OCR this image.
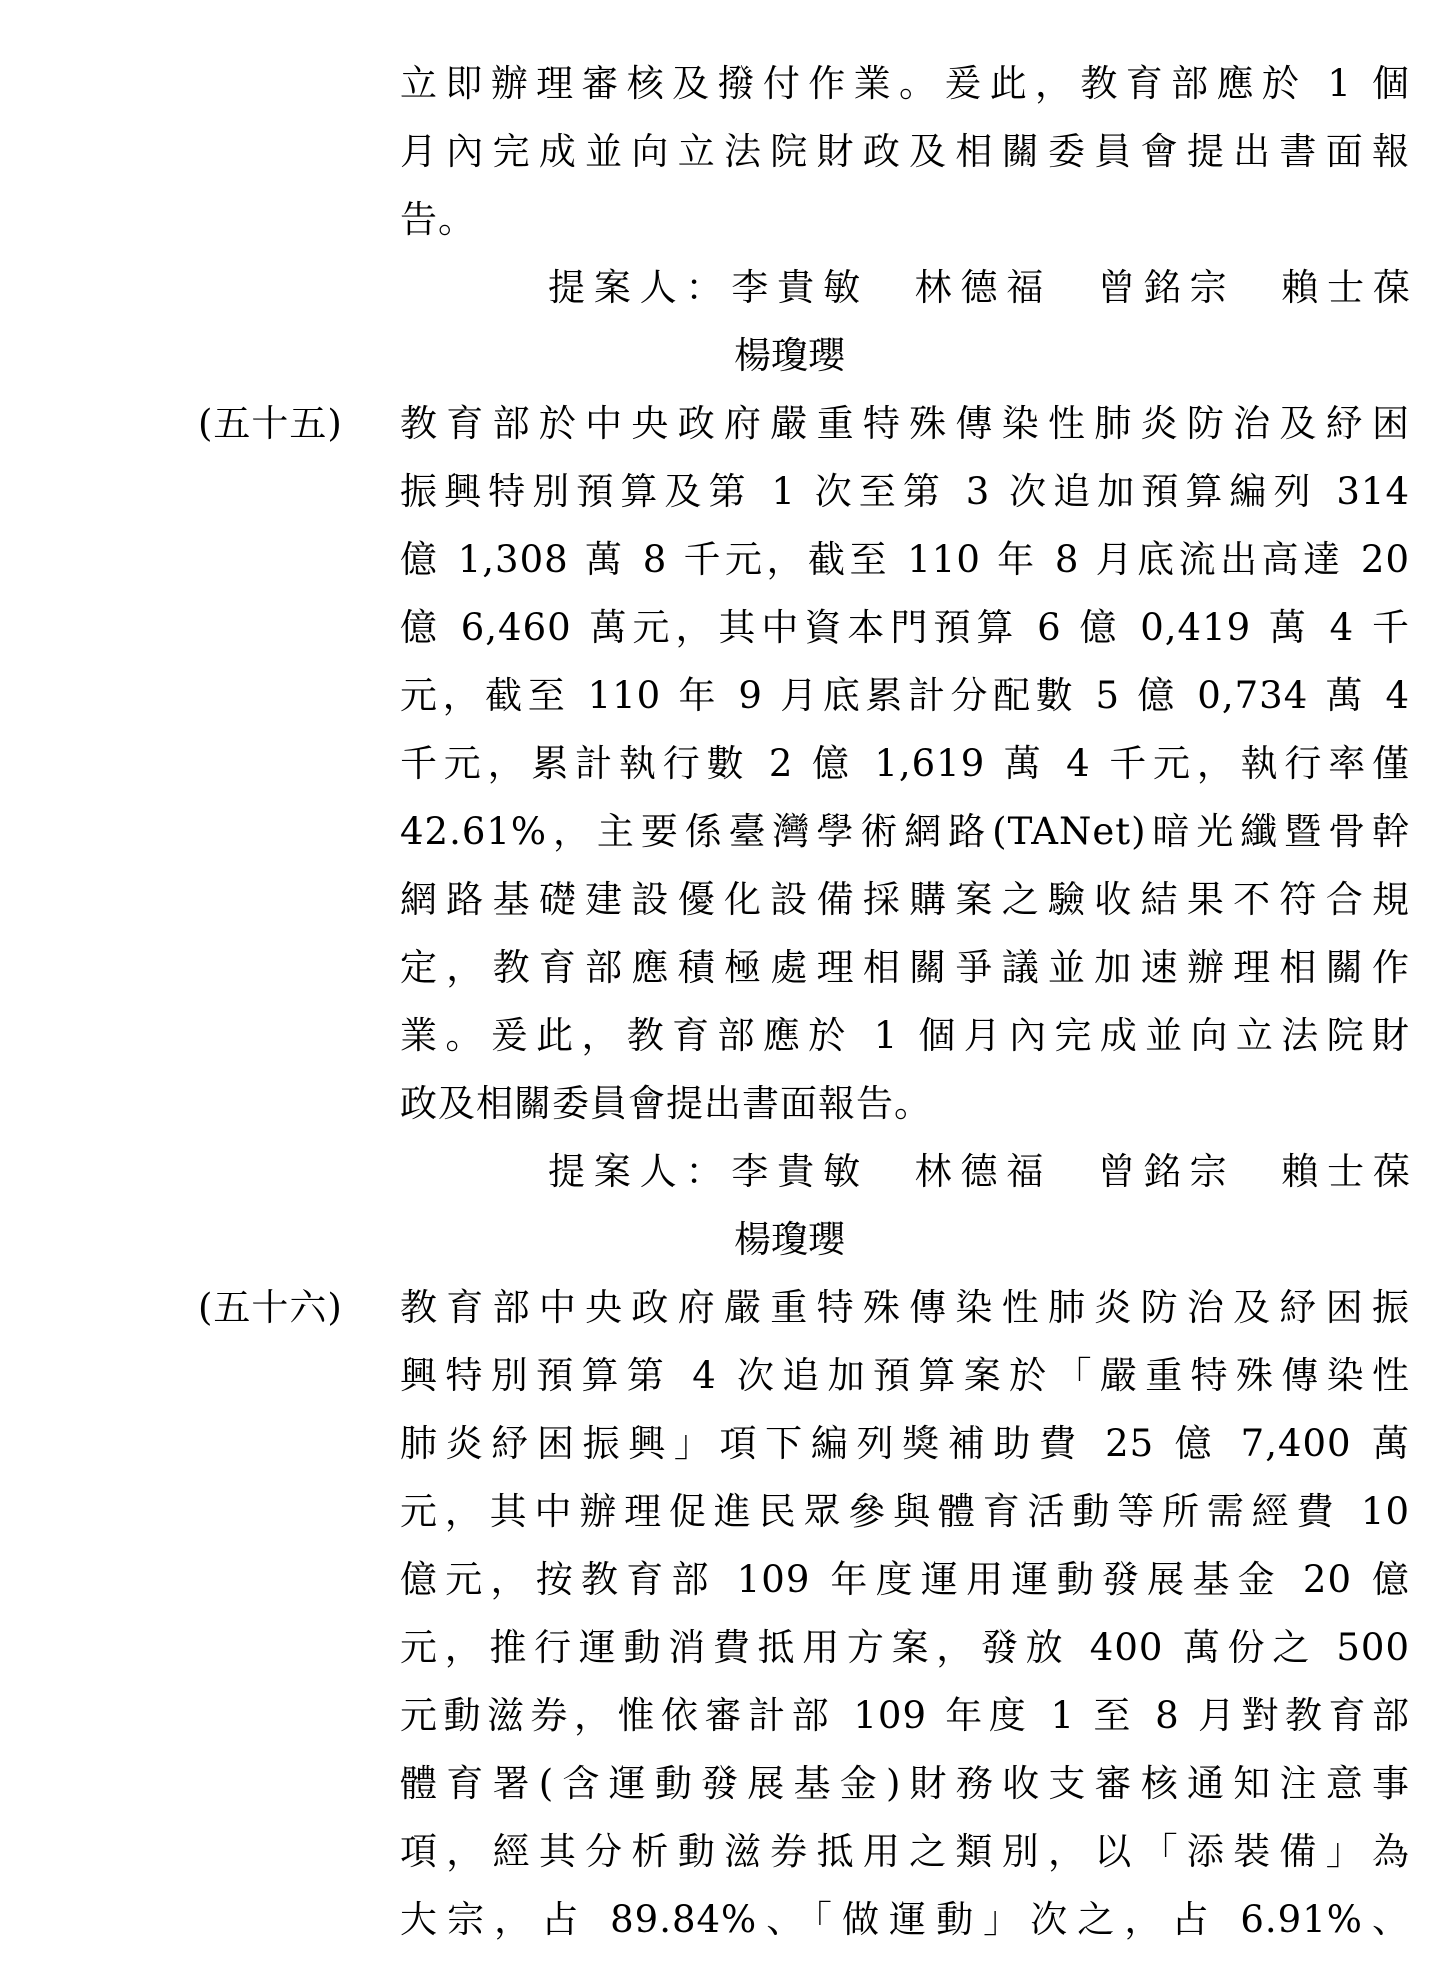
立即辦理審核及撥付作業。爰此，教育部應於 1 個
月內完成並向立法院財政及相關委員會提出書面報
告。
提案人：李貴敏　林德福　曾銘宗　賴士葆
楊瓊瓔
(五十五) 教育部於中央政府嚴重特殊傳染性肺炎防治及紓困
振興特別預算及第 1 次至第 3 次追加預算編列 314
億 1,308 萬 8 千元，截至 110 年 8 月底流出高達 20
億 6,460 萬元，其中資本門預算 6 億 0,419 萬 4 千
元，截至 110 年 9 月底累計分配數 5 億 0,734 萬 4
千元，累計執行數 2 億 1,619 萬 4 千元，執行率僅
42.61%，主要係臺灣學術網路(TANet)暗光纖暨骨幹
網路基礎建設優化設備採購案之驗收結果不符合規
定，教育部應積極處理相關爭議並加速辦理相關作
業。爰此，教育部應於 1 個月內完成並向立法院財
政及相關委員會提出書面報告。
提案人：李貴敏　林德福　曾銘宗　賴士葆
楊瓊瓔
(五十六) 教育部中央政府嚴重特殊傳染性肺炎防治及紓困振
興特別預算第 4 次追加預算案於「嚴重特殊傳染性
肺炎紓困振興」項下編列獎補助費 25 億 7,400 萬
元，其中辦理促進民眾參與體育活動等所需經費 10
億元，按教育部 109 年度運用運動發展基金 20 億
元，推行運動消費抵用方案，發放 400 萬份之 500
元動滋券，惟依審計部 109 年度 1 至 8 月對教育部
體育署(含運動發展基金)財務收支審核通知注意事
項，經其分析動滋券抵用之類別，以「添裝備」為
大宗，占 89.84%、「做運動」次之，占 6.91%、
